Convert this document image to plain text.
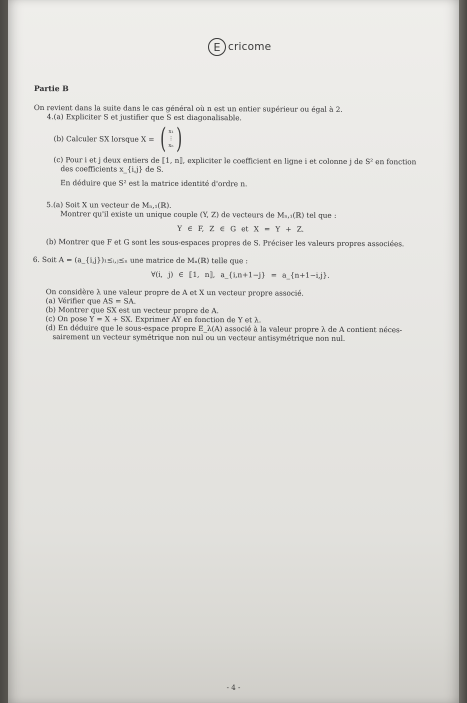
E cricome
Partie B

On revient dans la suite dans le cas général où n est un entier supérieur ou égal à 2.

4.(a) Expliciter S et justifier que S est diagonalisable.

(b) Calculer SX lorsque X = ( x₁
⋮
xₙ )

(c) Pour i et j deux entiers de ⟦1, n⟧, expliciter le coefficient en ligne i et colonne j de S² en fonction

des coefficients x_{i,j} de S.

En déduire que S² est la matrice identité d'ordre n.

5.(a) Soit X un vecteur de Mₙ,₁(ℝ).

Montrer qu'il existe un unique couple (Y, Z) de vecteurs de Mₙ,₁(ℝ) tel que :

Y ∈ F, Z ∈ G et X = Y + Z.

(b) Montrer que F et G sont les sous-espaces propres de S. Préciser les valeurs propres associées.

6. Soit A = (a_{i,j})₁≤ᵢ,ⱼ≤ₙ une matrice de Mₙ(ℝ) telle que :

∀(i, j) ∈ ⟦1, n⟧, a_{i,n+1−j} = a_{n+1−i,j}.

On considère λ une valeur propre de A et X un vecteur propre associé.

(a) Vérifier que AS = SA.

(b) Montrer que SX est un vecteur propre de A.

(c) On pose Y = X + SX. Exprimer AY en fonction de Y et λ.

(d) En déduire que le sous-espace propre E_λ(A) associé à la valeur propre λ de A contient néces-

sairement un vecteur symétrique non nul ou un vecteur antisymétrique non nul.

- 4 -
